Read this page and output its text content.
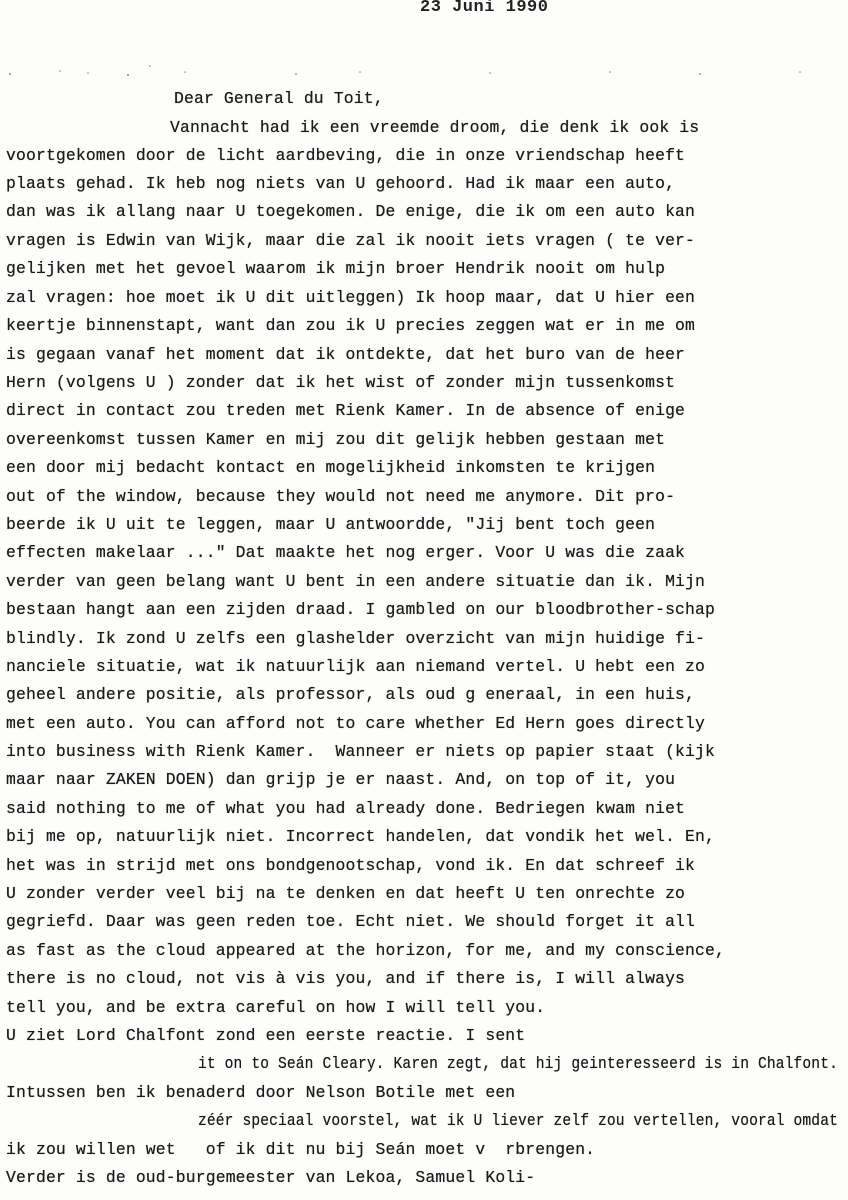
23 Juni 1990
Dear General du Toit,
Vannacht had ik een vreemde droom, die denk ik ook is
voortgekomen door de licht aardbeving, die in onze vriendschap heeft
plaats gehad. Ik heb nog niets van U gehoord. Had ik maar een auto,
dan was ik allang naar U toegekomen. De enige, die ik om een auto kan
vragen is Edwin van Wijk, maar die zal ik nooit iets vragen ( te ver-
gelijken met het gevoel waarom ik mijn broer Hendrik nooit om hulp
zal vragen: hoe moet ik U dit uitleggen) Ik hoop maar, dat U hier een
keertje binnenstapt, want dan zou ik U precies zeggen wat er in me om
is gegaan vanaf het moment dat ik ontdekte, dat het buro van de heer
Hern (volgens U ) zonder dat ik het wist of zonder mijn tussenkomst
direct in contact zou treden met Rienk Kamer. In de absence of enige
overeenkomst tussen Kamer en mij zou dit gelijk hebben gestaan met
een door mij bedacht kontact en mogelijkheid inkomsten te krijgen
out of the window, because they would not need me anymore. Dit pro-
beerde ik U uit te leggen, maar U antwoordde, "Jij bent toch geen
effecten makelaar ..." Dat maakte het nog erger. Voor U was die zaak
verder van geen belang want U bent in een andere situatie dan ik. Mijn
bestaan hangt aan een zijden draad. I gambled on our bloodbrother-schap
blindly. Ik zond U zelfs een glashelder overzicht van mijn huidige fi-
nanciele situatie, wat ik natuurlijk aan niemand vertel. U hebt een zo
geheel andere positie, als professor, als oud g eneraal, in een huis,
met een auto. You can afford not to care whether Ed Hern goes directly
into business with Rienk Kamer.  Wanneer er niets op papier staat (kijk
maar naar ZAKEN DOEN) dan grijp je er naast. And, on top of it, you
said nothing to me of what you had already done. Bedriegen kwam niet
bij me op, natuurlijk niet. Incorrect handelen, dat vondik het wel. En,
het was in strijd met ons bondgenootschap, vond ik. En dat schreef ik
U zonder verder veel bij na te denken en dat heeft U ten onrechte zo
gegriefd. Daar was geen reden toe. Echt niet. We should forget it all
as fast as the cloud appeared at the horizon, for me, and my conscience,
there is no cloud, not vis à vis you, and if there is, I will always
tell you, and be extra careful on how I will tell you.
U ziet Lord Chalfont zond een eerste reactie. I sent
it on to Seán Cleary. Karen zegt, dat hij geinteresseerd is in Chalfont.
Intussen ben ik benaderd door Nelson Botile met een
zéér speciaal voorstel, wat ik U liever zelf zou vertellen, vooral omdat
ik zou willen wet   of ik dit nu bij Seán moet v  rbrengen.
Verder is de oud-burgemeester van Lekoa, Samuel Koli-
